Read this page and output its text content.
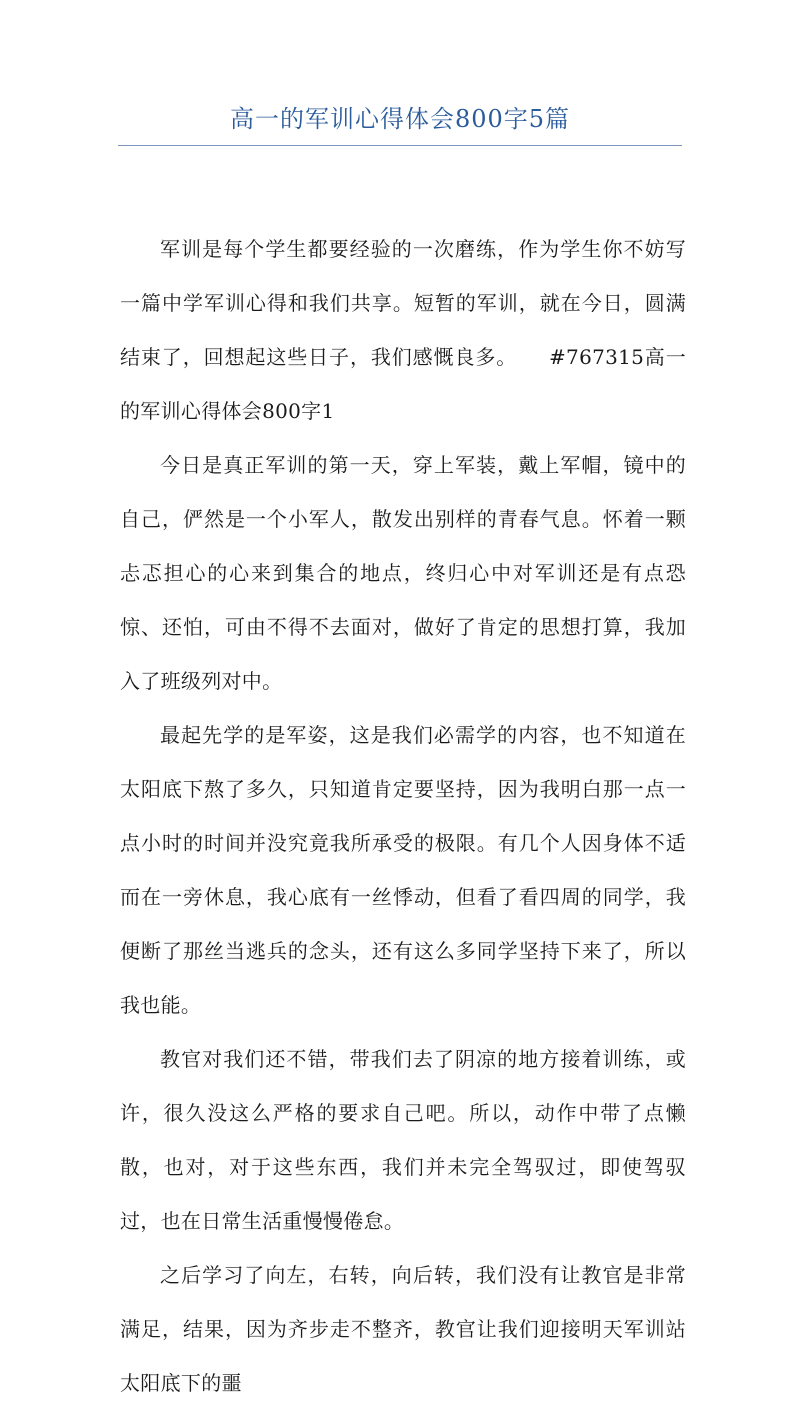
高一的军训心得体会800字5篇

军训是每个学生都要经验的一次磨练，作为学生你不妨写一篇中学军训心得和我们共享。短暂的军训，就在今日，圆满结束了，回想起这些日子，我们感慨良多。　　#767315高一的军训心得体会800字1

今日是真正军训的第一天，穿上军装，戴上军帽，镜中的自己，俨然是一个小军人，散发出别样的青春气息。怀着一颗忐忑担心的心来到集合的地点，终归心中对军训还是有点恐惊、还怕，可由不得不去面对，做好了肯定的思想打算，我加入了班级列对中。

最起先学的是军姿，这是我们必需学的内容，也不知道在太阳底下熬了多久，只知道肯定要坚持，因为我明白那一点一点小时的时间并没究竟我所承受的极限。有几个人因身体不适而在一旁休息，我心底有一丝悸动，但看了看四周的同学，我便断了那丝当逃兵的念头，还有这么多同学坚持下来了，所以我也能。

教官对我们还不错，带我们去了阴凉的地方接着训练，或许，很久没这么严格的要求自己吧。所以，动作中带了点懒散，也对，对于这些东西，我们并未完全驾驭过，即使驾驭过，也在日常生活重慢慢倦怠。

之后学习了向左，右转，向后转，我们没有让教官是非常满足，结果，因为齐步走不整齐，教官让我们迎接明天军训站太阳底下的噩
